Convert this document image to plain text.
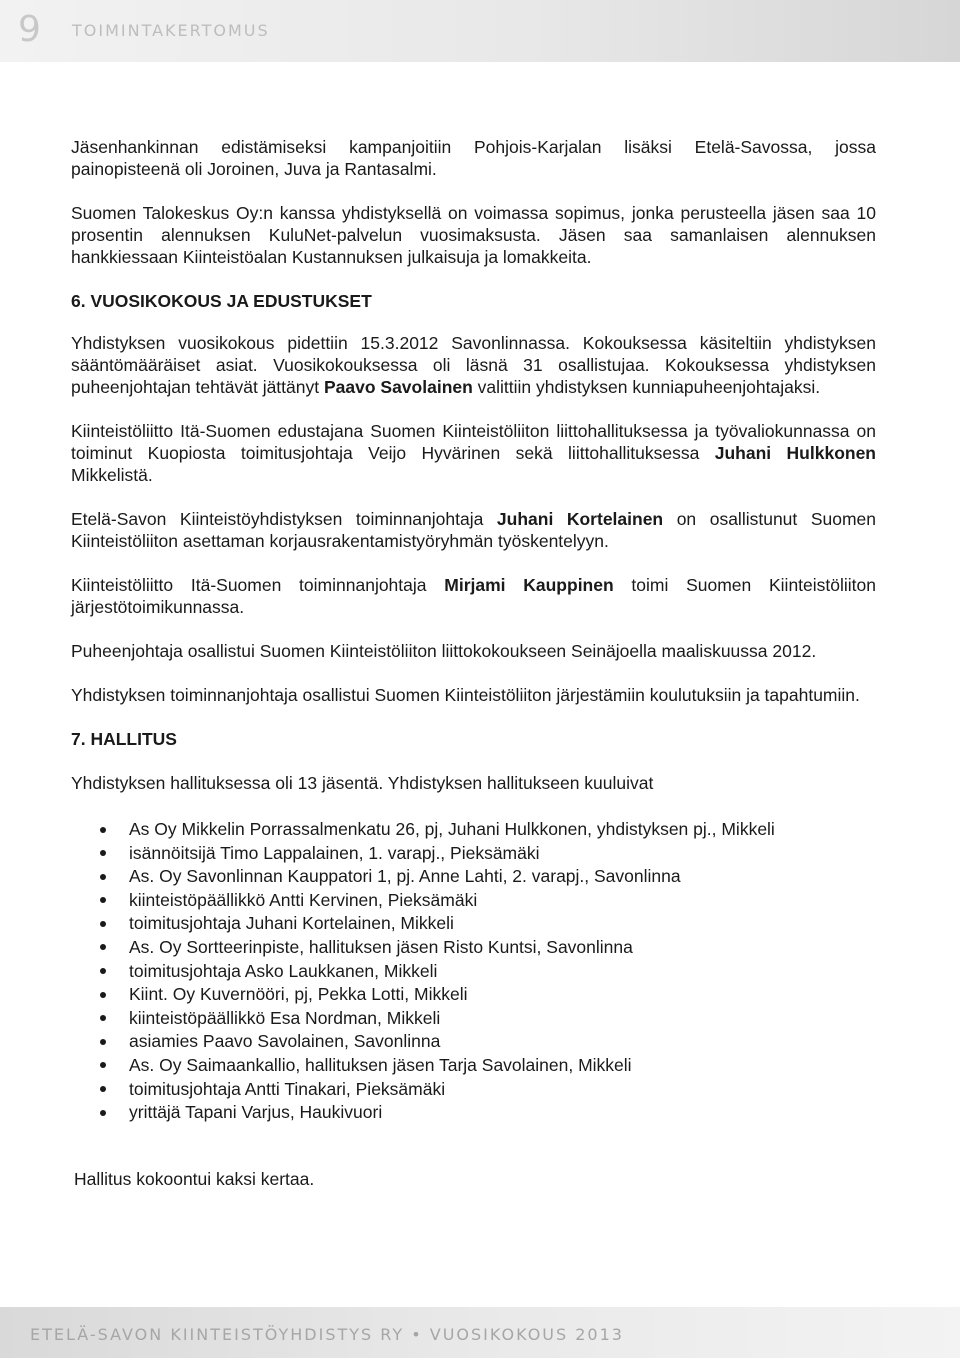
9 TOIMINTAKERTOMUS

Jäsenhankinnan edistämiseksi kampanjoitiin Pohjois-Karjalan lisäksi Etelä-Savossa, jossa painopisteenä oli Joroinen, Juva ja Rantasalmi.

Suomen Talokeskus Oy:n kanssa yhdistyksellä on voimassa sopimus, jonka perusteella jäsen saa 10 prosentin alennuksen KuluNet-palvelun vuosimaksusta. Jäsen saa samanlaisen alennuksen hankkiessaan Kiinteistöalan Kustannuksen julkaisuja ja lomakkeita.

6. VUOSIKOKOUS JA EDUSTUKSET

Yhdistyksen vuosikokous pidettiin 15.3.2012 Savonlinnassa. Kokouksessa käsiteltiin yhdistyksen sääntömääräiset asiat. Vuosikokouksessa oli läsnä 31 osallistujaa. Kokouksessa yhdistyksen puheenjohtajan tehtävät jättänyt Paavo Savolainen valittiin yhdistyksen kunniapuheenjohtajaksi.

Kiinteistöliitto Itä-Suomen edustajana Suomen Kiinteistöliiton liittohallituksessa ja työvaliokunnassa on toiminut Kuopiosta toimitusjohtaja Veijo Hyvärinen sekä liittohallituksessa Juhani Hulkkonen Mikkelistä.

Etelä-Savon Kiinteistöyhdistyksen toiminnanjohtaja Juhani Kortelainen on osallistunut Suomen Kiinteistöliiton asettaman korjausrakentamistyöryhmän työskentelyyn.

Kiinteistöliitto Itä-Suomen toiminnanjohtaja Mirjami Kauppinen toimi Suomen Kiinteistöliiton järjestötoimikunnassa.

Puheenjohtaja osallistui Suomen Kiinteistöliiton liittokokoukseen Seinäjoella maaliskuussa 2012.

Yhdistyksen toiminnanjohtaja osallistui Suomen Kiinteistöliiton järjestämiin koulutuksiin ja tapahtumiin.

7. HALLITUS

Yhdistyksen hallituksessa oli 13 jäsentä. Yhdistyksen hallitukseen kuuluivat

As Oy Mikkelin Porrassalmenkatu 26, pj, Juhani Hulkkonen, yhdistyksen pj., Mikkeli
isännöitsijä Timo Lappalainen, 1. varapj., Pieksämäki
As. Oy Savonlinnan Kauppatori 1, pj. Anne Lahti, 2. varapj., Savonlinna
kiinteistöpäällikkö Antti Kervinen, Pieksämäki
toimitusjohtaja Juhani Kortelainen, Mikkeli
As. Oy Sortteerinpiste, hallituksen jäsen Risto Kuntsi, Savonlinna
toimitusjohtaja Asko Laukkanen, Mikkeli
Kiint. Oy Kuvernööri, pj, Pekka Lotti, Mikkeli
kiinteistöpäällikkö Esa Nordman, Mikkeli
asiamies Paavo Savolainen, Savonlinna
As. Oy Saimaankallio, hallituksen jäsen Tarja Savolainen, Mikkeli
toimitusjohtaja Antti Tinakari, Pieksämäki
yrittäjä Tapani Varjus, Haukivuori

Hallitus kokoontui kaksi kertaa.

ETELÄ-SAVON KIINTEISTÖYHDISTYS RY • VUOSIKOKOUS 2013
